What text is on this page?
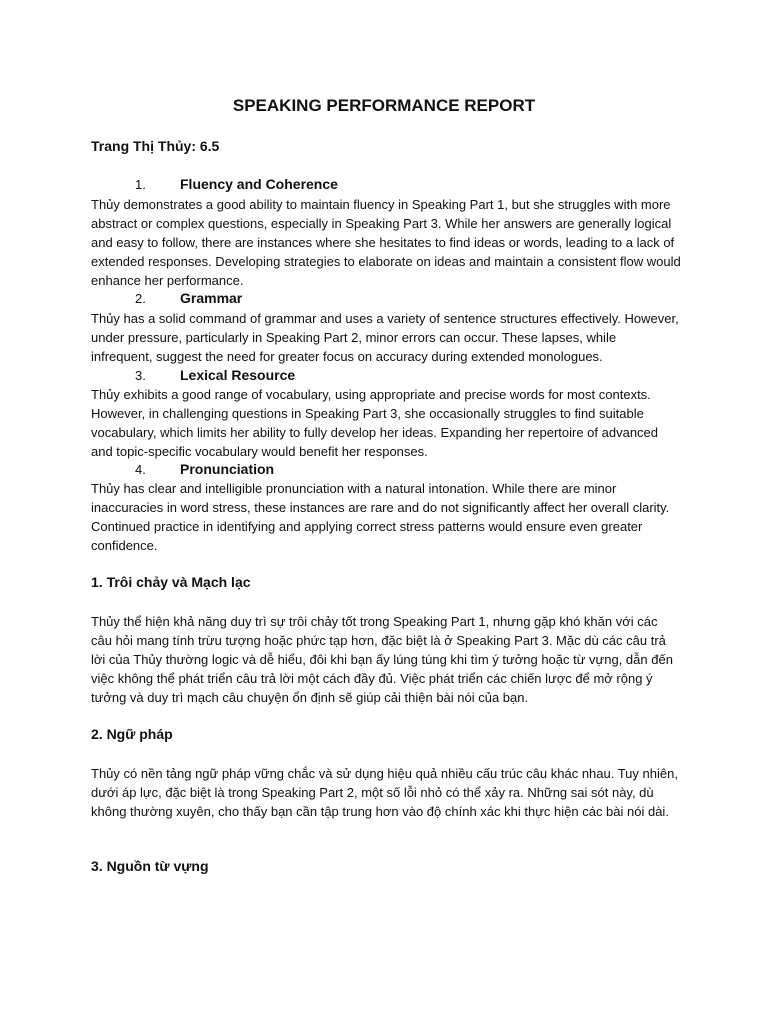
SPEAKING PERFORMANCE REPORT

Trang Thị Thủy: 6.5

1. Fluency and Coherence

Thủy demonstrates a good ability to maintain fluency in Speaking Part 1, but she struggles with more abstract or complex questions, especially in Speaking Part 3. While her answers are generally logical and easy to follow, there are instances where she hesitates to find ideas or words, leading to a lack of extended responses. Developing strategies to elaborate on ideas and maintain a consistent flow would enhance her performance.

2. Grammar

Thủy has a solid command of grammar and uses a variety of sentence structures effectively. However, under pressure, particularly in Speaking Part 2, minor errors can occur. These lapses, while infrequent, suggest the need for greater focus on accuracy during extended monologues.

3. Lexical Resource

Thủy exhibits a good range of vocabulary, using appropriate and precise words for most contexts. However, in challenging questions in Speaking Part 3, she occasionally struggles to find suitable vocabulary, which limits her ability to fully develop her ideas. Expanding her repertoire of advanced and topic-specific vocabulary would benefit her responses.

4. Pronunciation

Thủy has clear and intelligible pronunciation with a natural intonation. While there are minor inaccuracies in word stress, these instances are rare and do not significantly affect her overall clarity. Continued practice in identifying and applying correct stress patterns would ensure even greater confidence.

1. Trôi chảy và Mạch lạc

Thủy thể hiện khả năng duy trì sự trôi chảy tốt trong Speaking Part 1, nhưng gặp khó khăn với các câu hỏi mang tính trừu tượng hoặc phức tạp hơn, đặc biệt là ở Speaking Part 3. Mặc dù các câu trả lời của Thủy thường logic và dễ hiểu, đôi khi bạn ấy lúng túng khi tìm ý tưởng hoặc từ vựng, dẫn đến việc không thể phát triển câu trả lời một cách đầy đủ. Việc phát triển các chiến lược để mở rộng ý tưởng và duy trì mạch câu chuyện ổn định sẽ giúp cải thiện bài nói của bạn.

2. Ngữ pháp

Thủy có nền tảng ngữ pháp vững chắc và sử dụng hiệu quả nhiều cấu trúc câu khác nhau. Tuy nhiên, dưới áp lực, đặc biệt là trong Speaking Part 2, một số lỗi nhỏ có thể xảy ra. Những sai sót này, dù không thường xuyên, cho thấy bạn cần tập trung hơn vào độ chính xác khi thực hiện các bài nói dài.

3. Nguồn từ vựng
